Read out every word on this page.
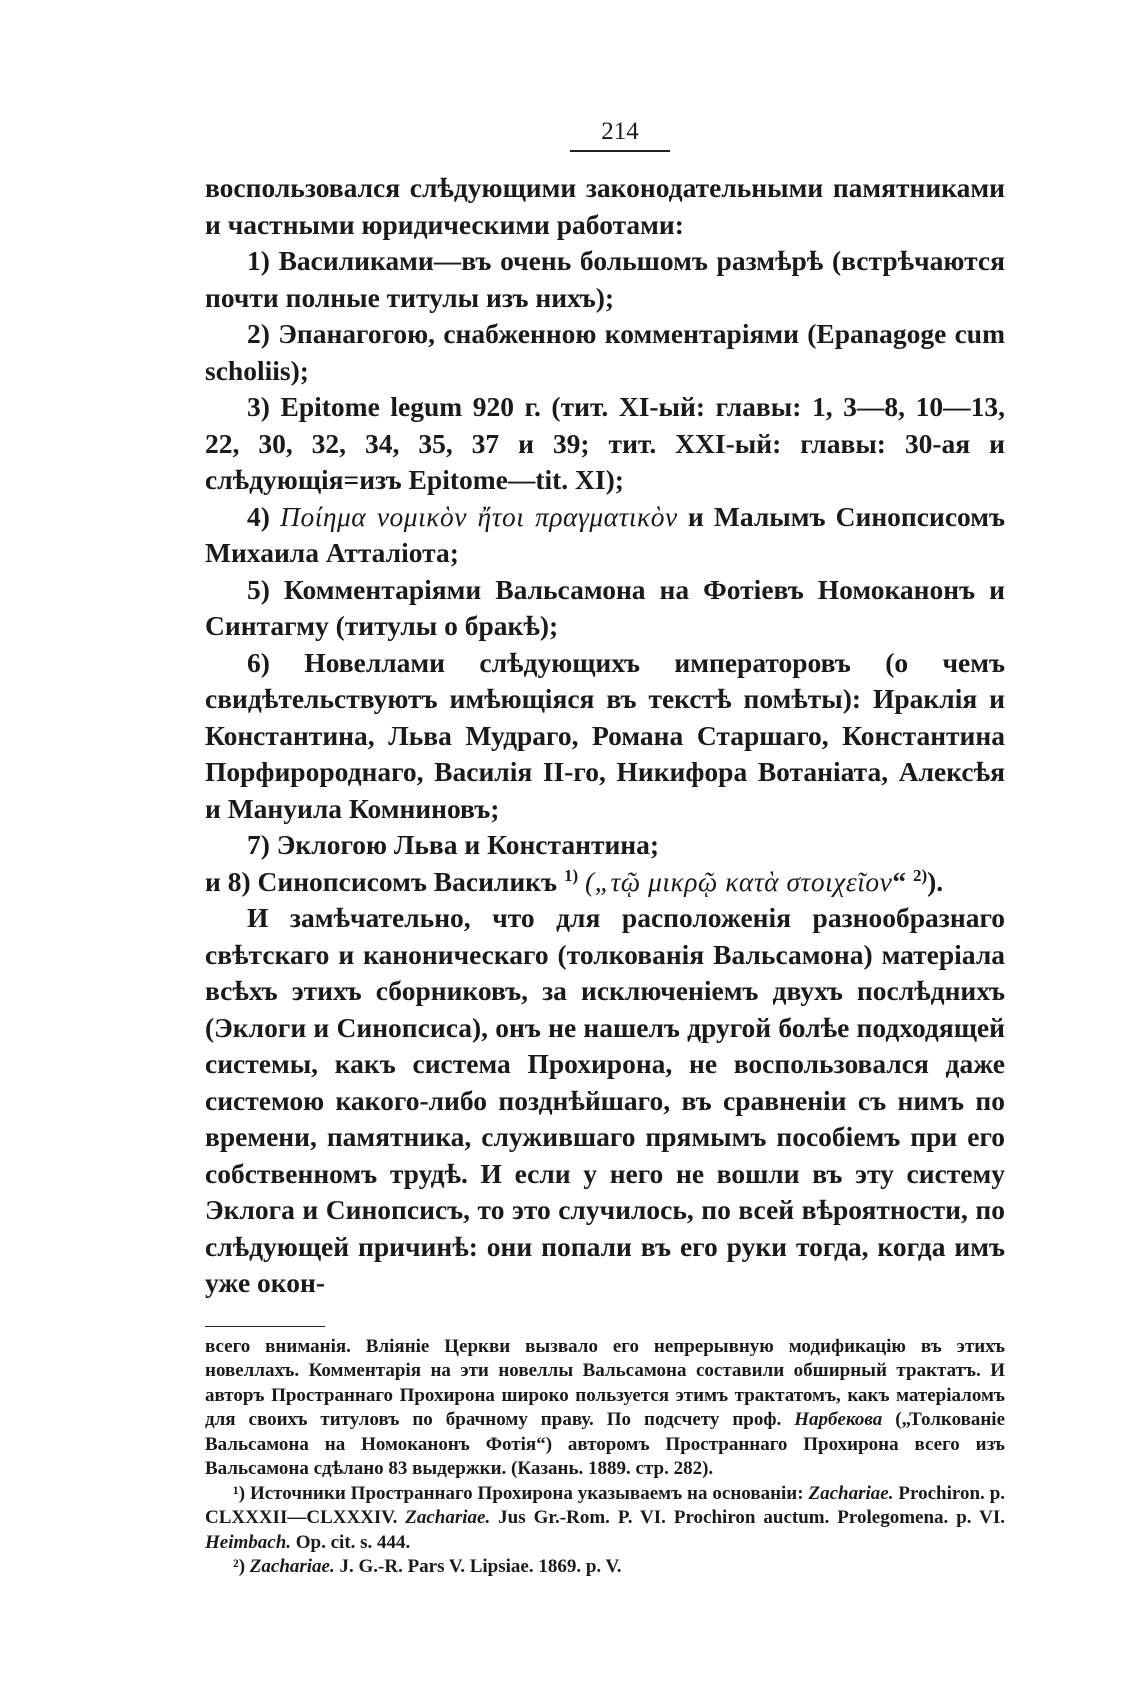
214

воспользовался слѣдующими законодательными памятниками и частными юридическими работами:

1) Василиками—въ очень большомъ размѣрѣ (встрѣчаются почти полные титулы изъ нихъ);

2) Эпанагогою, снабженною комментаріями (Epanagoge cum scholiis);

3) Epitome legum 920 г. (тит. XI-ый: главы: 1, 3—8, 10—13, 22, 30, 32, 34, 35, 37 и 39; тит. XXI-ый: главы: 30-ая и слѣдующія=изъ Epitome—tit. XI);

4) Ποίημα νομικὸν ἤτοι πραγματικὸν и Малымъ Синопсисомъ Михаила Атталіота;

5) Комментаріями Вальсамона на Фотіевъ Номоканонъ и Синтагму (титулы о бракѣ);

6) Новеллами слѣдующихъ императоровъ (о чемъ свидѣтельствуютъ имѣющіяся въ текстѣ помѣты): Ираклія и Константина, Льва Мудраго, Романа Старшаго, Константина Порфиророднаго, Василія II-го, Никифора Вотаніата, Алексѣя и Мануила Комниновъ;

7) Эклогою Льва и Константина;

и 8) Синопсисомъ Василикъ $^{1)}$ („τῷ μικρῷ κατὰ στοιχεῖον“ $^{2)}$).

И замѣчательно, что для расположенія разнообразнаго свѣтскаго и каноническаго (толкованія Вальсамона) матеріала всѣхъ этихъ сборниковъ, за исключеніемъ двухъ послѣднихъ (Эклоги и Синопсиса), онъ не нашелъ другой болѣе подходящей системы, какъ система Прохирона, не воспользовался даже системою какого-либо позднѣйшаго, въ сравненіи съ нимъ по времени, памятника, служившаго прямымъ пособіемъ при его собственномъ трудѣ. И если у него не вошли въ эту систему Эклога и Синопсисъ, то это случилось, по всей вѣроятности, по слѣдующей причинѣ: они попали въ его руки тогда, когда имъ уже окон-

всего вниманія. Вліяніе Церкви вызвало его непрерывную модификацію въ этихъ новеллахъ. Комментарія на эти новеллы Вальсамона составили обширный трактатъ. И авторъ Пространнаго Прохирона широко пользуется этимъ трактатомъ, какъ матеріаломъ для своихъ титуловъ по брачному праву. По подсчету проф. Нарбекова („Толкованіе Вальсамона на Номоканонъ Фотія“) авторомъ Пространнаго Прохирона всего изъ Вальсамона сдѣлано 83 выдержки. (Казань. 1889. стр. 282).

¹) Источники Пространнаго Прохирона указываемъ на основаніи: Zachariae. Prochiron. p. CLXXXII—CLXXXIV. Zachariae. Jus Gr.-Rom. P. VI. Prochiron auctum. Prolegomena. p. VI. Heimbach. Op. cit. s. 444.

²) Zachariae. J. G.-R. Pars V. Lipsiae. 1869. p. V.
